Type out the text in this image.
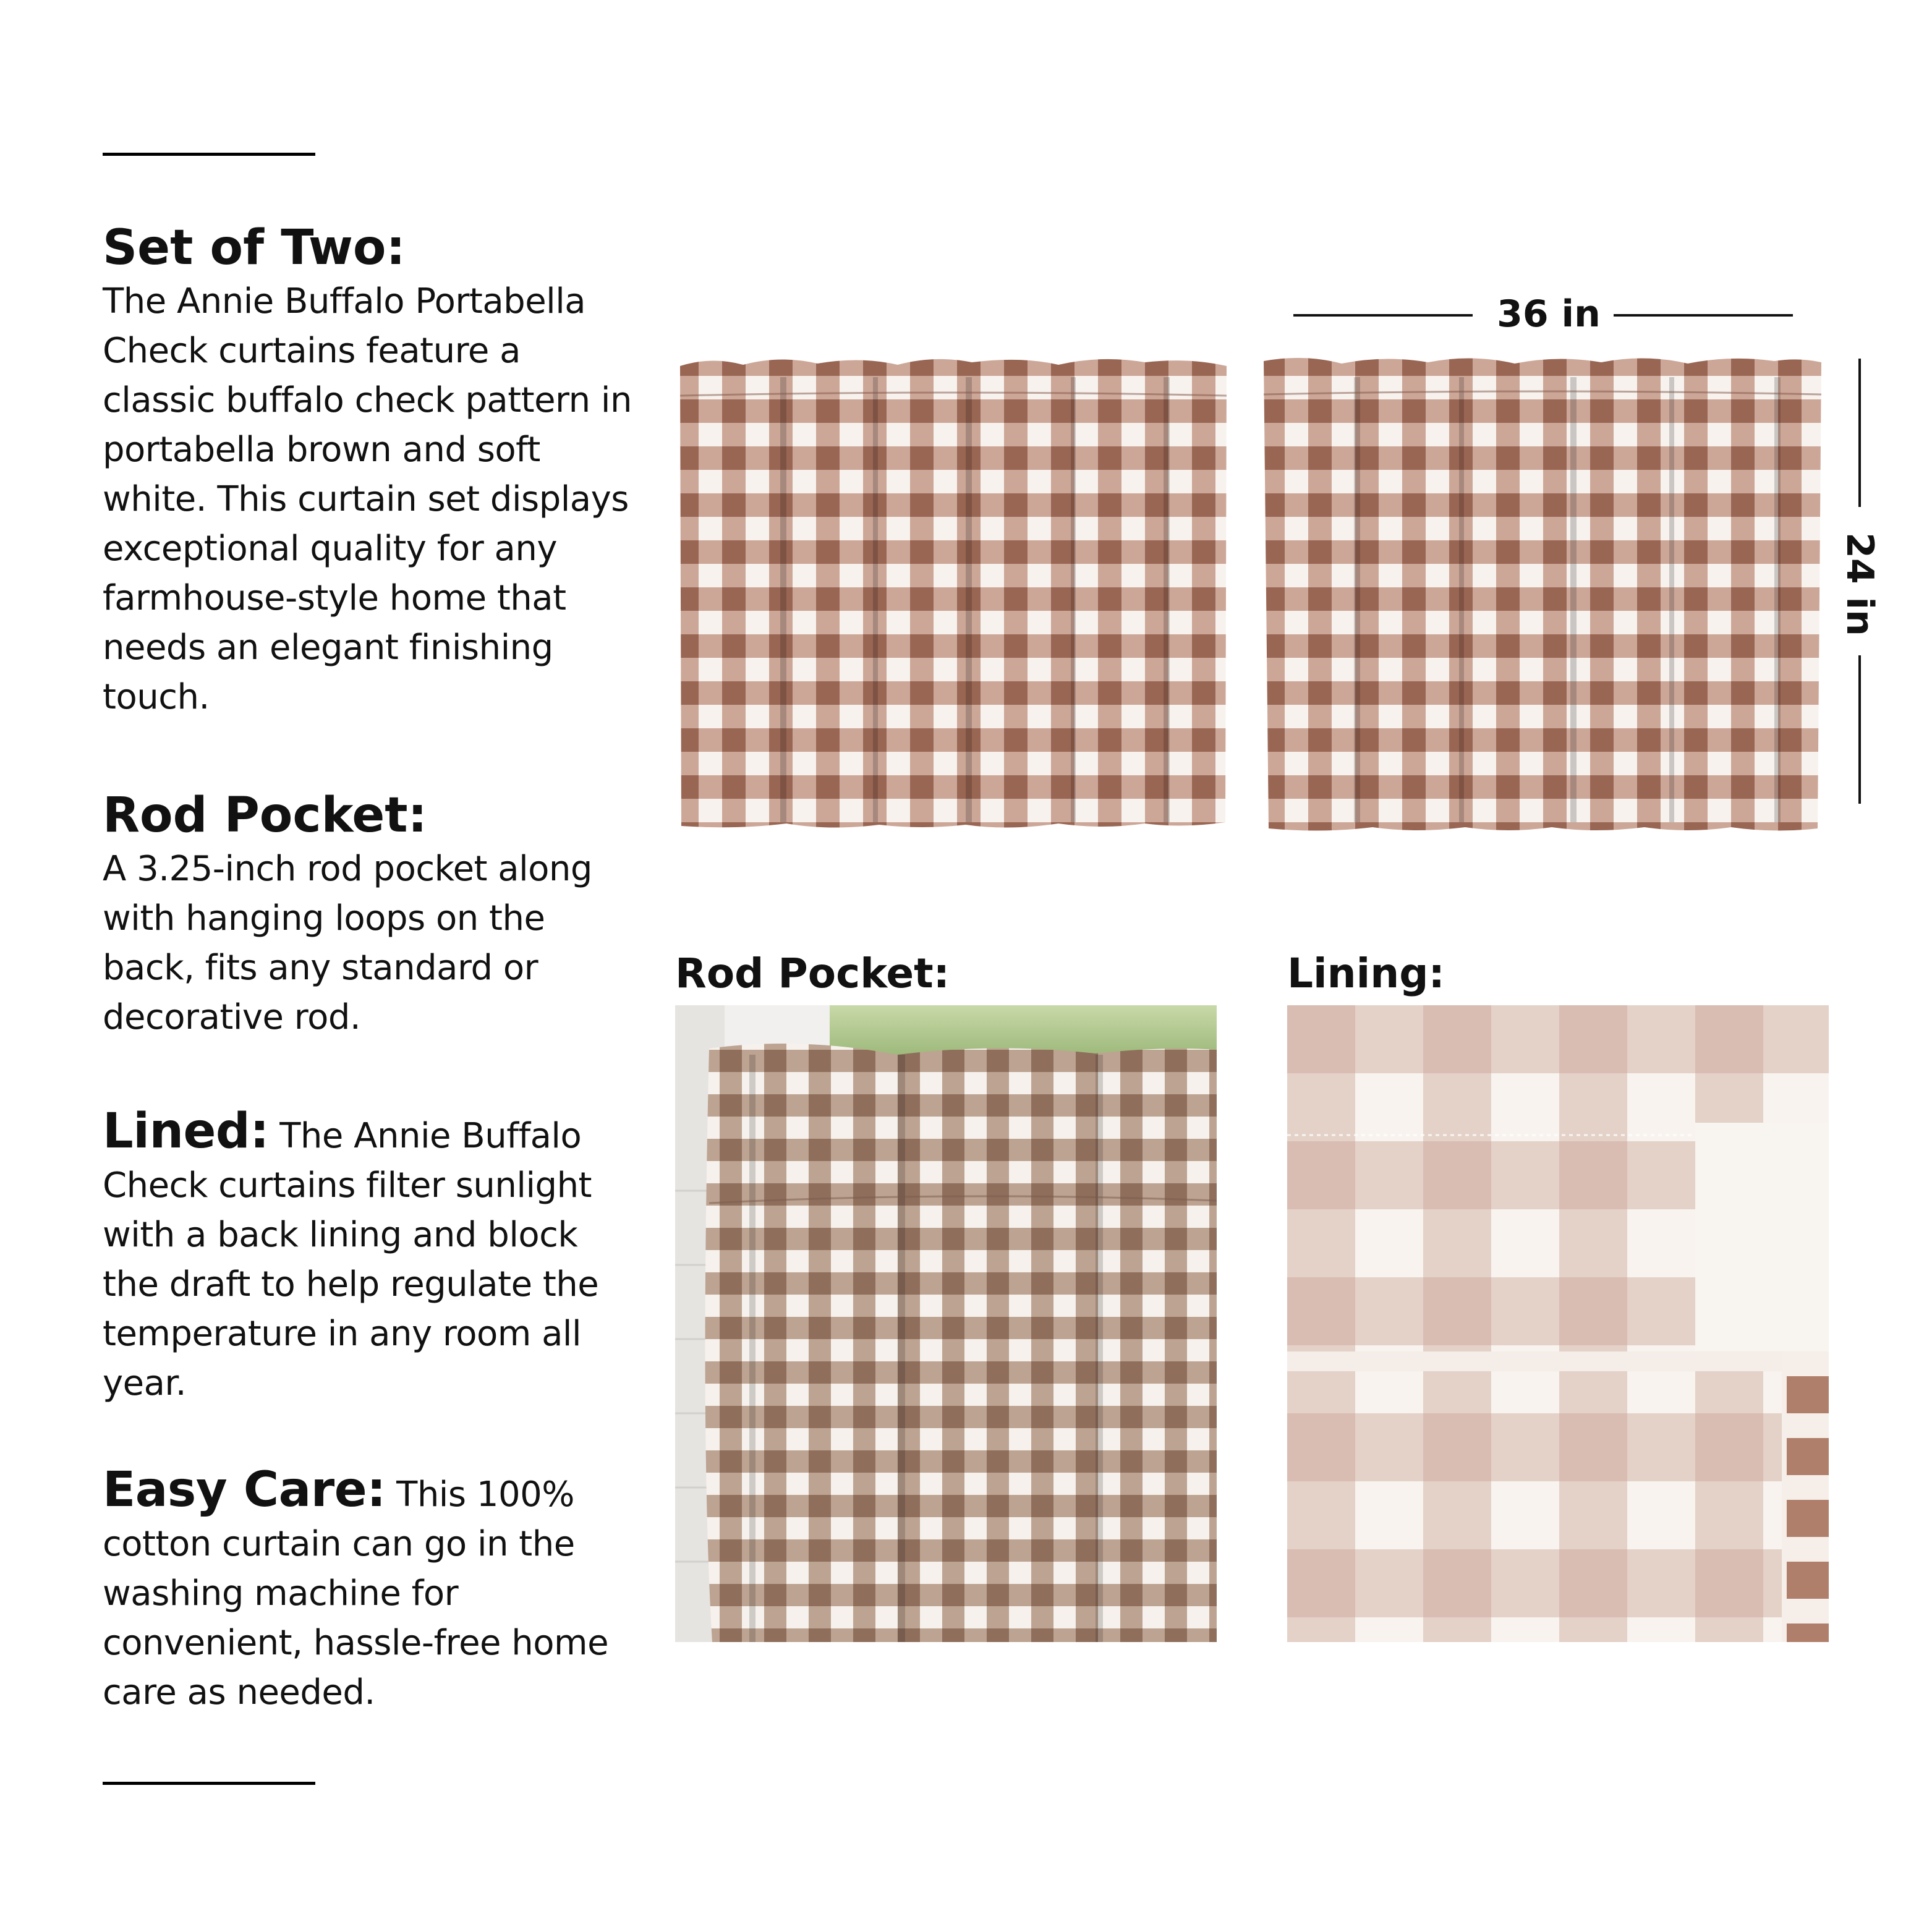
Set of Two:
The Annie Buffalo Portabella Check curtains feature a classic buffalo check pattern in portabella brown and soft white. This curtain set displays exceptional quality for any farmhouse-style home that needs an elegant finishing touch.
Rod Pocket:
A 3.25-inch rod pocket along with hanging loops on the back, fits any standard or decorative rod.
Lined: The Annie Buffalo Check curtains filter sunlight with a back lining and block the draft to help regulate the temperature in any room all year.
Easy Care: This 100% cotton curtain can go in the washing machine for convenient, hassle-free home care as needed.
36 in
24 in
Rod Pocket:	Lining:
